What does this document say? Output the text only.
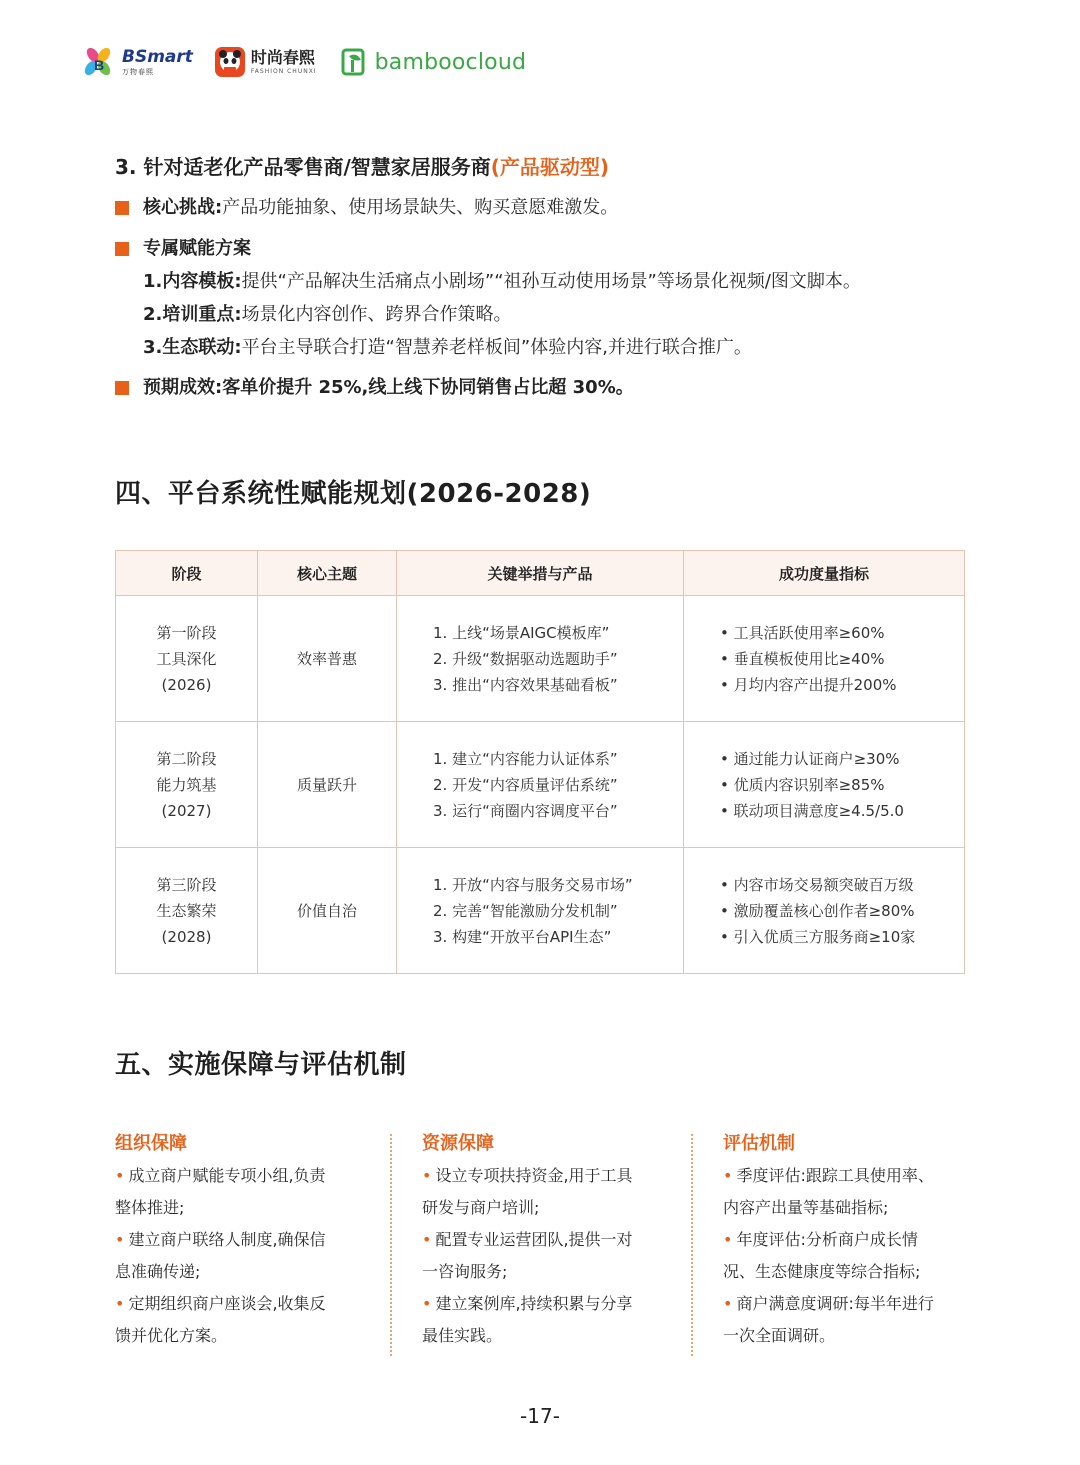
B BSmart
万物春熙
时尚春熙
FASHION CHUNXI	bamboocloud
3. 针对适老化产品零售商/智慧家居服务商(产品驱动型)
核心挑战: 产品功能抽象、使用场景缺失、购买意愿难激发。
专属赋能方案
1.内容模板:提供“产品解决生活痛点小剧场”“祖孙互动使用场景”等场景化视频/图文脚本。
2.培训重点:场景化内容创作、跨界合作策略。
3.生态联动:平台主导联合打造“智慧养老样板间”体验内容,并进行联合推广。
预期成效: 客单价提升 25%,线上线下协同销售占比超 30%。
四、平台系统性赋能规划(2026-2028)
阶段	核心主题	关键举措与产品	成功度量指标

第一阶段
工具深化
(2026)	效率普惠	1. 上线“场景AIGC模板库”
2. 升级“数据驱动选题助手”
3. 推出“内容效果基础看板”	• 工具活跃使用率≥60%
• 垂直模板使用比≥40%
• 月均内容产出提升200%

第二阶段
能力筑基
(2027)	质量跃升	1. 建立“内容能力认证体系”
2. 开发“内容质量评估系统”
3. 运行“商圈内容调度平台”	• 通过能力认证商户≥30%
• 优质内容识别率≥85%
• 联动项目满意度≥4.5/5.0

第三阶段
生态繁荣
(2028)	价值自治	1. 开放“内容与服务交易市场”
2. 完善“智能激励分发机制”
3. 构建“开放平台API生态”	• 内容市场交易额突破百万级
• 激励覆盖核心创作者≥80%
• 引入优质三方服务商≥10家
五、实施保障与评估机制
组织保障
• 成立商户赋能专项小组,负责
整体推进;
• 建立商户联络人制度,确保信
息准确传递;
• 定期组织商户座谈会,收集反
馈并优化方案。
资源保障
• 设立专项扶持资金,用于工具
研发与商户培训;
• 配置专业运营团队,提供一对
一咨询服务;
• 建立案例库,持续积累与分享
最佳实践。
评估机制
• 季度评估:跟踪工具使用率、
内容产出量等基础指标;
• 年度评估:分析商户成长情
况、生态健康度等综合指标;
• 商户满意度调研:每半年进行
一次全面调研。
-17-
